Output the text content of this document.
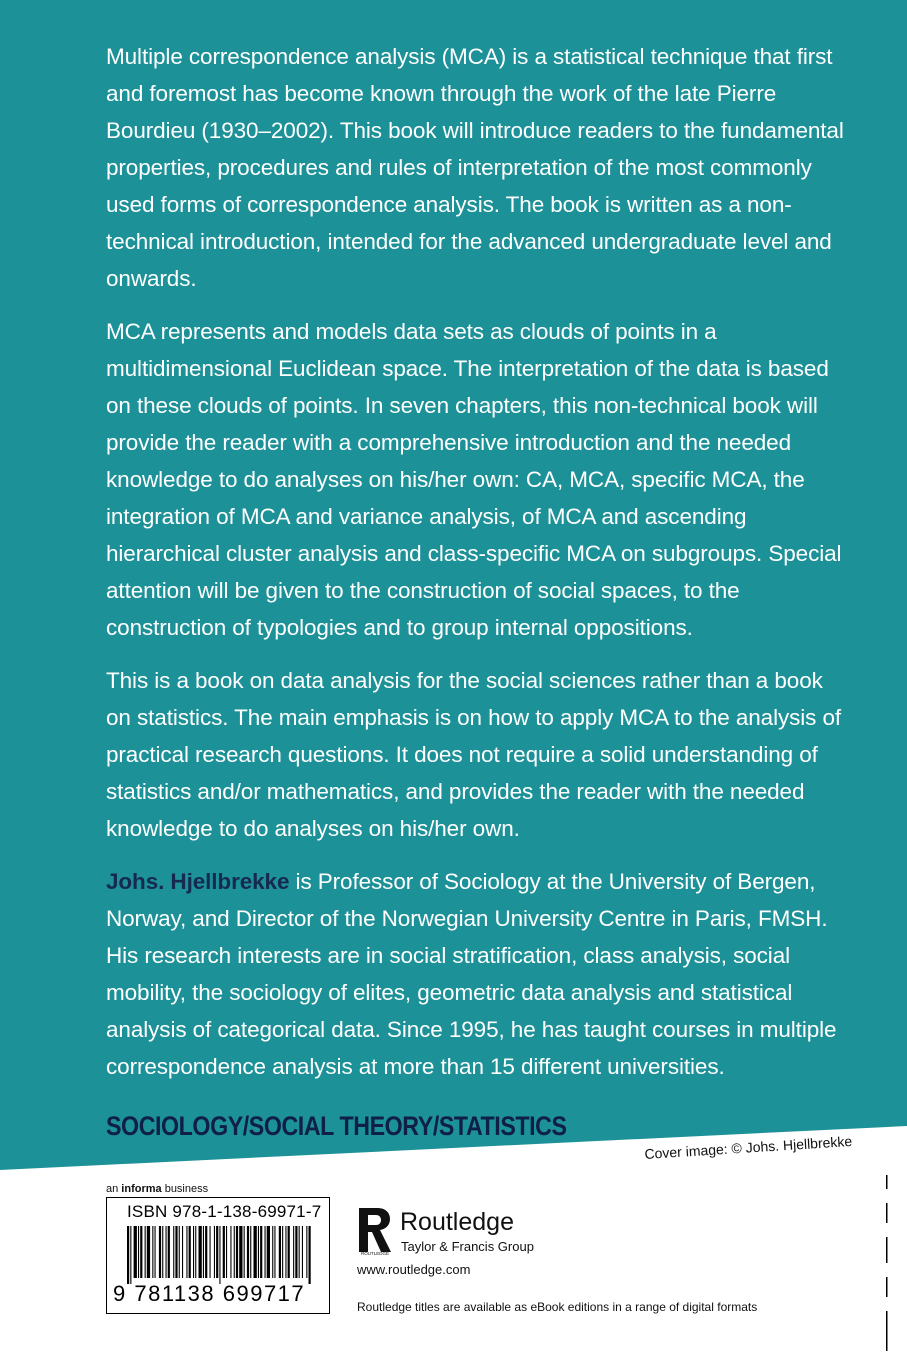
Multiple correspondence analysis (MCA) is a statistical technique that first and foremost has become known through the work of the late Pierre Bourdieu (1930–2002). This book will introduce readers to the fundamental properties, procedures and rules of interpretation of the most commonly used forms of correspondence analysis. The book is written as a non-technical introduction, intended for the advanced undergraduate level and onwards.

MCA represents and models data sets as clouds of points in a multidimensional Euclidean space. The interpretation of the data is based on these clouds of points. In seven chapters, this non-technical book will provide the reader with a comprehensive introduction and the needed knowledge to do analyses on his/her own: CA, MCA, specific MCA, the integration of MCA and variance analysis, of MCA and ascending hierarchical cluster analysis and class-specific MCA on subgroups. Special attention will be given to the construction of social spaces, to the construction of typologies and to group internal oppositions.

This is a book on data analysis for the social sciences rather than a book on statistics. The main emphasis is on how to apply MCA to the analysis of practical research questions. It does not require a solid understanding of statistics and/or mathematics, and provides the reader with the needed knowledge to do analyses on his/her own.

Johs. Hjellbrekke is Professor of Sociology at the University of Bergen, Norway, and Director of the Norwegian University Centre in Paris, FMSH. His research interests are in social stratification, class analysis, social mobility, the sociology of elites, geometric data analysis and statistical analysis of categorical data. Since 1995, he has taught courses in multiple correspondence analysis at more than 15 different universities.

SOCIOLOGY/SOCIAL THEORY/STATISTICS
Cover image: © Johs. Hjellbrekke
an informa business
ISBN 978-1-138-69971-7
9 781138 699717
ROUTLEDGE
Routledge
Taylor & Francis Group
www.routledge.com
Routledge titles are available as eBook editions in a range of digital formats
